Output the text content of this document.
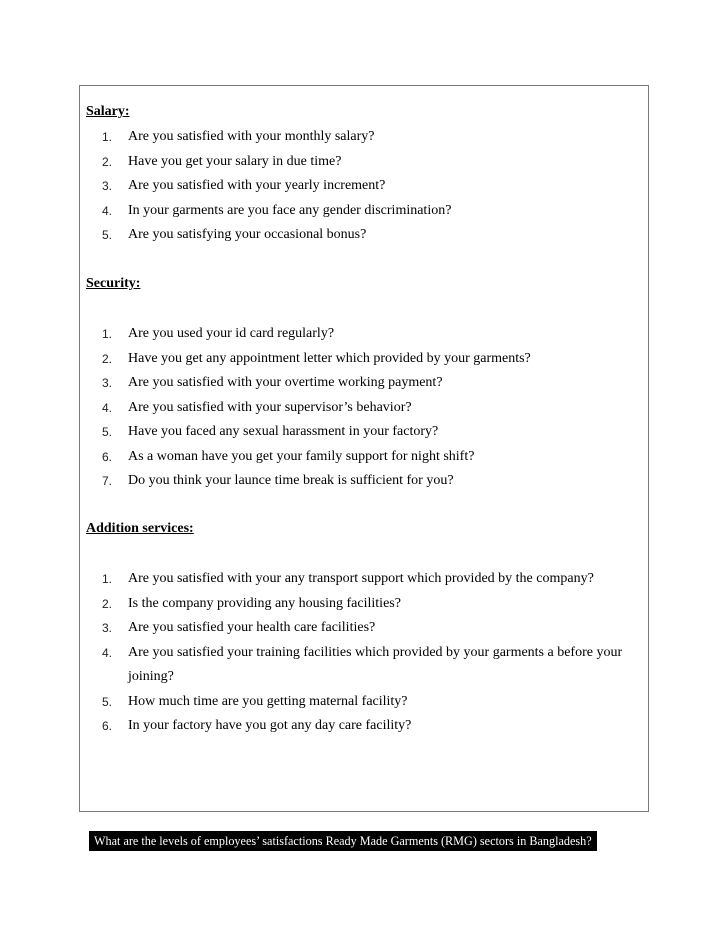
Salary:

1.	Are you satisfied with your monthly salary?
2.	Have you get your salary in due time?
3.	Are you satisfied with your yearly increment?
4.	In your garments are you face any gender discrimination?
5.	Are you satisfying your occasional bonus?

Security:

1.	Are you used your id card regularly?
2.	Have you get any appointment letter which provided by your garments?
3.	Are you satisfied with your overtime working payment?
4.	Are you satisfied with your supervisor’s behavior?
5.	Have you faced any sexual harassment in your factory?
6.	As a woman have you get your family support for night shift?
7.	Do you think your launce time break is sufficient for you?

Addition services:

1.	Are you satisfied with your any transport support which provided by the company?
2.	Is the company providing any housing facilities?
3.	Are you satisfied your health care facilities?
4.	Are you satisfied your training facilities which provided by your garments a before your joining?
5.	How much time are you getting maternal facility?
6.	In your factory have you got any day care facility?
What are the levels of employees’ satisfactions Ready Made Garments (RMG) sectors in Bangladesh?
